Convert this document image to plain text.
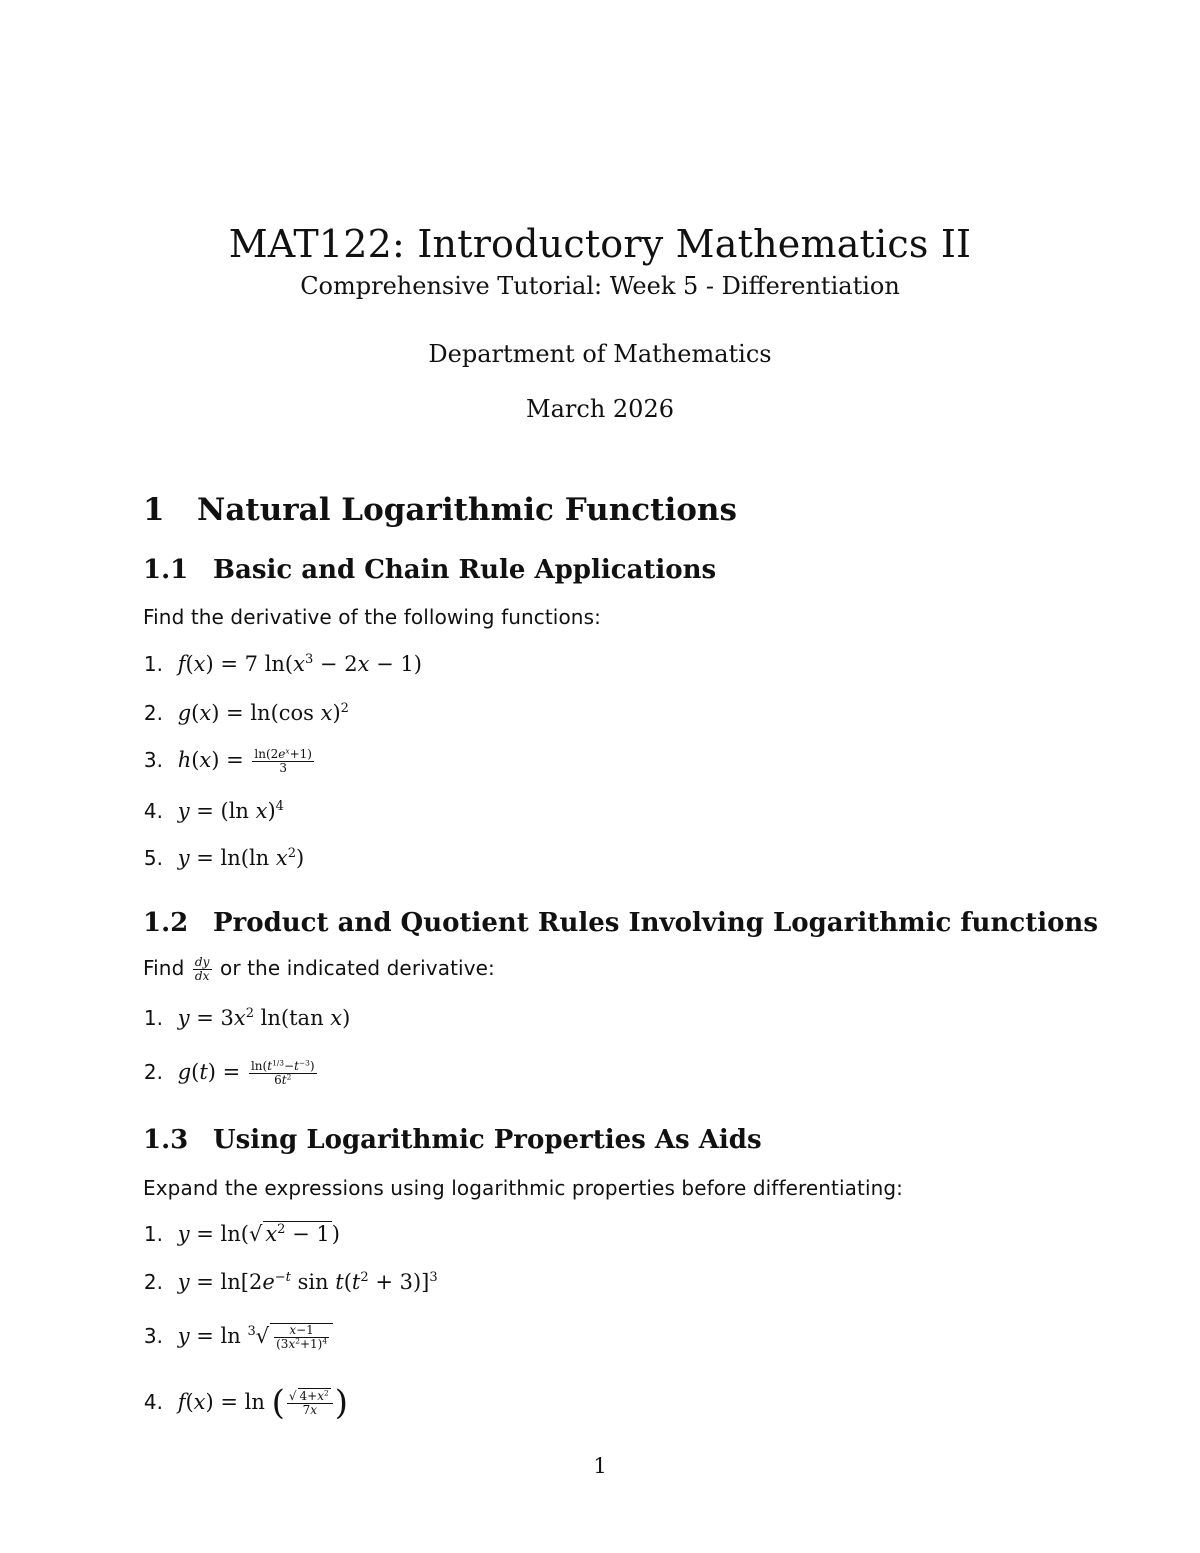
MAT122: Introductory Mathematics II
Comprehensive Tutorial: Week 5 - Differentiation
Department of Mathematics
March 2026
1 Natural Logarithmic Functions
1.1 Basic and Chain Rule Applications
Find the derivative of the following functions:
1. f(x) = 7 $\ln(x^3 - 2x - 1)$
2. g(x) = ln(cos x)$^2$
3. $h(x) = \frac{\ln(2e^x+1)}{3}$
4. y = (ln x)$^4$
5. y = ln(ln $x^2$)
1.2 Product and Quotient Rules Involving Logarithmic functions
Find $\frac{dy}{dx}$ or the indicated derivative:
1. $y = 3x^2$ ln(tan x)
2. $g(t) = \frac{\ln(t^{1/3}-t^{-3})}{6t^2}$
1.3 Using Logarithmic Properties As Aids
Expand the expressions using logarithmic properties before differentiating:
1. y = ln(√ $x^2 - 1$)
2. $y = \ln[2e^{-t}$ $\sin t(t^2 + 3)]^3$
3. $y = \ln ^3√ \frac{x-1}{(3x^2+1)^4}$
4. f(x) = ln ( $\frac{√ 4+x^2}{7x}$ )
1
